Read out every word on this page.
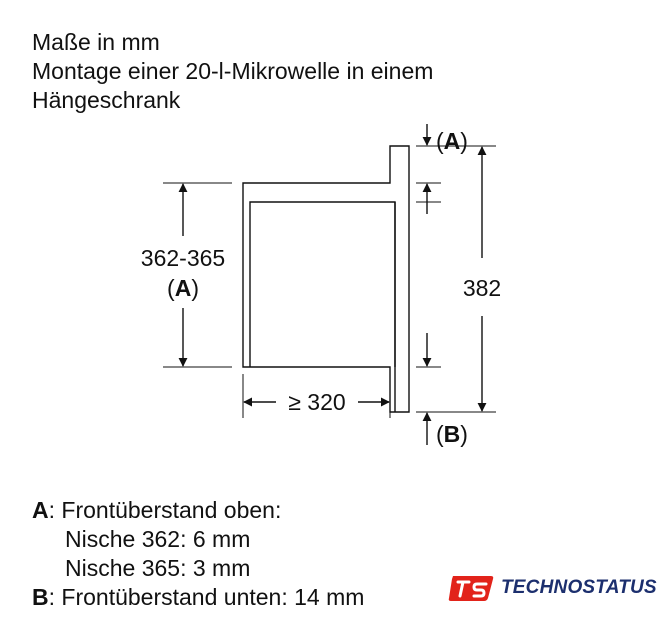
Maße in mm
Montage einer 20-l-Mikrowelle in einem
Hängeschrank
362-365
(A)	382
≥ 320
(A)
(B)
A: Frontüberstand oben:
Nische 362: 6 mm
Nische 365: 3 mm
B: Frontüberstand unten: 14 mm	TECHNOSTATUS
